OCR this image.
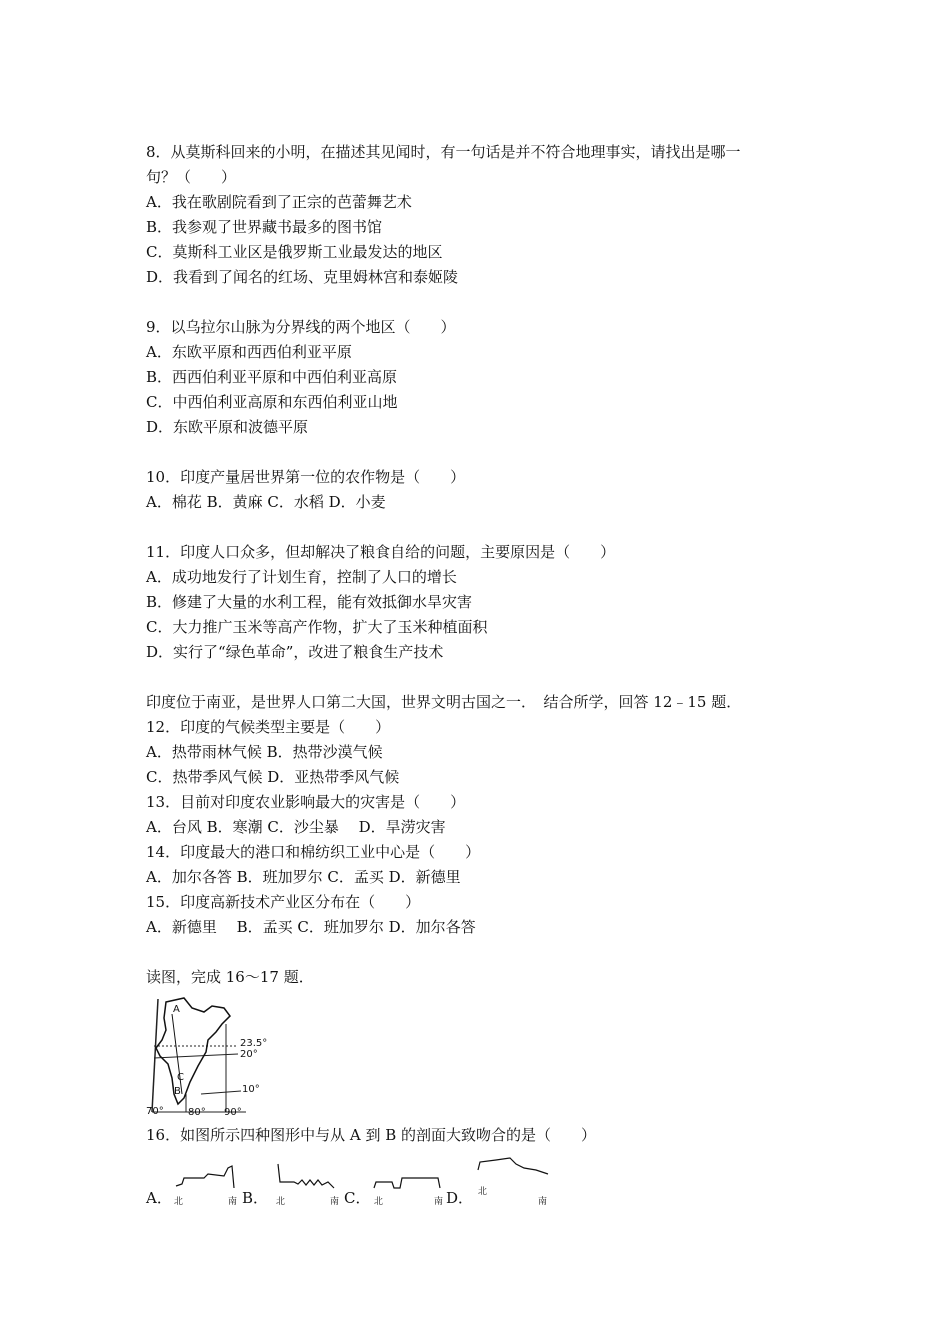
8．从莫斯科回来的小明，在描述其见闻时，有一句话是并不符合地理事实，请找出是哪一
句？（　　）
A．我在歌剧院看到了正宗的芭蕾舞艺术
B．我参观了世界藏书最多的图书馆
C．莫斯科工业区是俄罗斯工业最发达的地区
D．我看到了闻名的红场、克里姆林宫和泰姬陵
9．以乌拉尔山脉为分界线的两个地区（　　）
A．东欧平原和西西伯利亚平原
B．西西伯利亚平原和中西伯利亚高原
C．中西伯利亚高原和东西伯利亚山地
D．东欧平原和波德平原
10．印度产量居世界第一位的农作物是（　　）
A．棉花 B．黄麻 C．水稻 D．小麦
11．印度人口众多，但却解决了粮食自给的问题，主要原因是（　　）
A．成功地发行了计划生育，控制了人口的增长
B．修建了大量的水利工程，能有效抵御水旱灾害
C．大力推广玉米等高产作物，扩大了玉米种植面积
D．实行了“绿色革命”，改进了粮食生产技术
印度位于南亚，是世界人口第二大国，世界文明古国之一．　结合所学，回答 12﹣15 题．
12．印度的气候类型主要是（　　）
A．热带雨林气候 B．热带沙漠气候
C．热带季风气候 D．亚热带季风气候
13．目前对印度农业影响最大的灾害是（　　）
A．台风 B．寒潮 C．沙尘暴　 D．旱涝灾害
14．印度最大的港口和棉纺织工业中心是（　　）
A．加尔各答 B．班加罗尔 C．孟买 D．新德里
15．印度高新技术产业区分布在（　　）
A．新德里　 B．孟买 C．班加罗尔 D．加尔各答
读图，完成 16～17 题．
A
C
B
23.5°
20°
10°
70° 80° 90°
16．如图所示四种图形中与从 A 到 B 的剖面大致吻合的是（　　）
A． 北	南 B． 北	南 C． 北	南 D． 北
南
